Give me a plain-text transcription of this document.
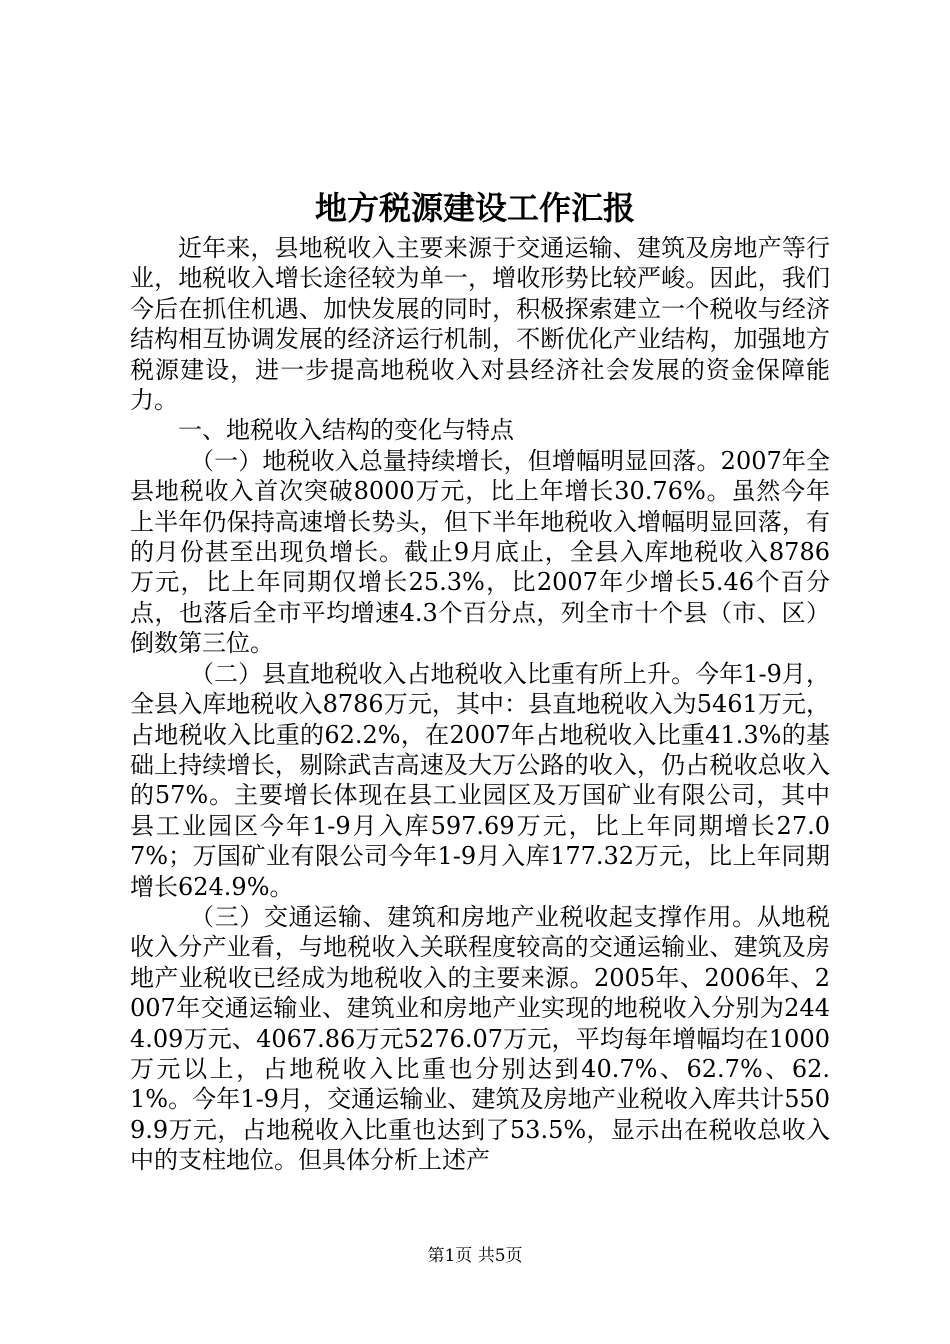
地方税源建设工作汇报

近年来，县地税收入主要来源于交通运输、建筑及房地产等行业，地税收入增长途径较为单一，增收形势比较严峻。因此，我们今后在抓住机遇、加快发展的同时，积极探索建立一个税收与经济结构相互协调发展的经济运行机制，不断优化产业结构，加强地方税源建设，进一步提高地税收入对县经济社会发展的资金保障能力。

一、地税收入结构的变化与特点

（一）地税收入总量持续增长，但增幅明显回落。2007年全县地税收入首次突破8000万元，比上年增长30.76%。虽然今年上半年仍保持高速增长势头，但下半年地税收入增幅明显回落，有的月份甚至出现负增长。截止9月底止，全县入库地税收入8786万元，比上年同期仅增长25.3%，比2007年少增长5.46个百分点，也落后全市平均增速4.3个百分点，列全市十个县（市、区）倒数第三位。

（二）县直地税收入占地税收入比重有所上升。今年1-9月，全县入库地税收入8786万元，其中：县直地税收入为5461万元，占地税收入比重的62.2%，在2007年占地税收入比重41.3%的基础上持续增长，剔除武吉高速及大万公路的收入，仍占税收总收入的57%。主要增长体现在县工业园区及万国矿业有限公司，其中县工业园区今年1-9月入库597.69万元，比上年同期增长27.07%；万国矿业有限公司今年1-9月入库177.32万元，比上年同期增长624.9%。

（三）交通运输、建筑和房地产业税收起支撑作用。从地税收入分产业看，与地税收入关联程度较高的交通运输业、建筑及房地产业税收已经成为地税收入的主要来源。2005年、2006年、2007年交通运输业、建筑业和房地产业实现的地税收入分别为2444.09万元、4067.86万元5276.07万元，平均每年增幅均在1000万元以上，占地税收入比重也分别达到40.7%、62.7%、62.1%。今年1-9月，交通运输业、建筑及房地产业税收入库共计5509.9万元，占地税收入比重也达到了53.5%，显示出在税收总收入中的支柱地位。但具体分析上述产

第1页 共5页
